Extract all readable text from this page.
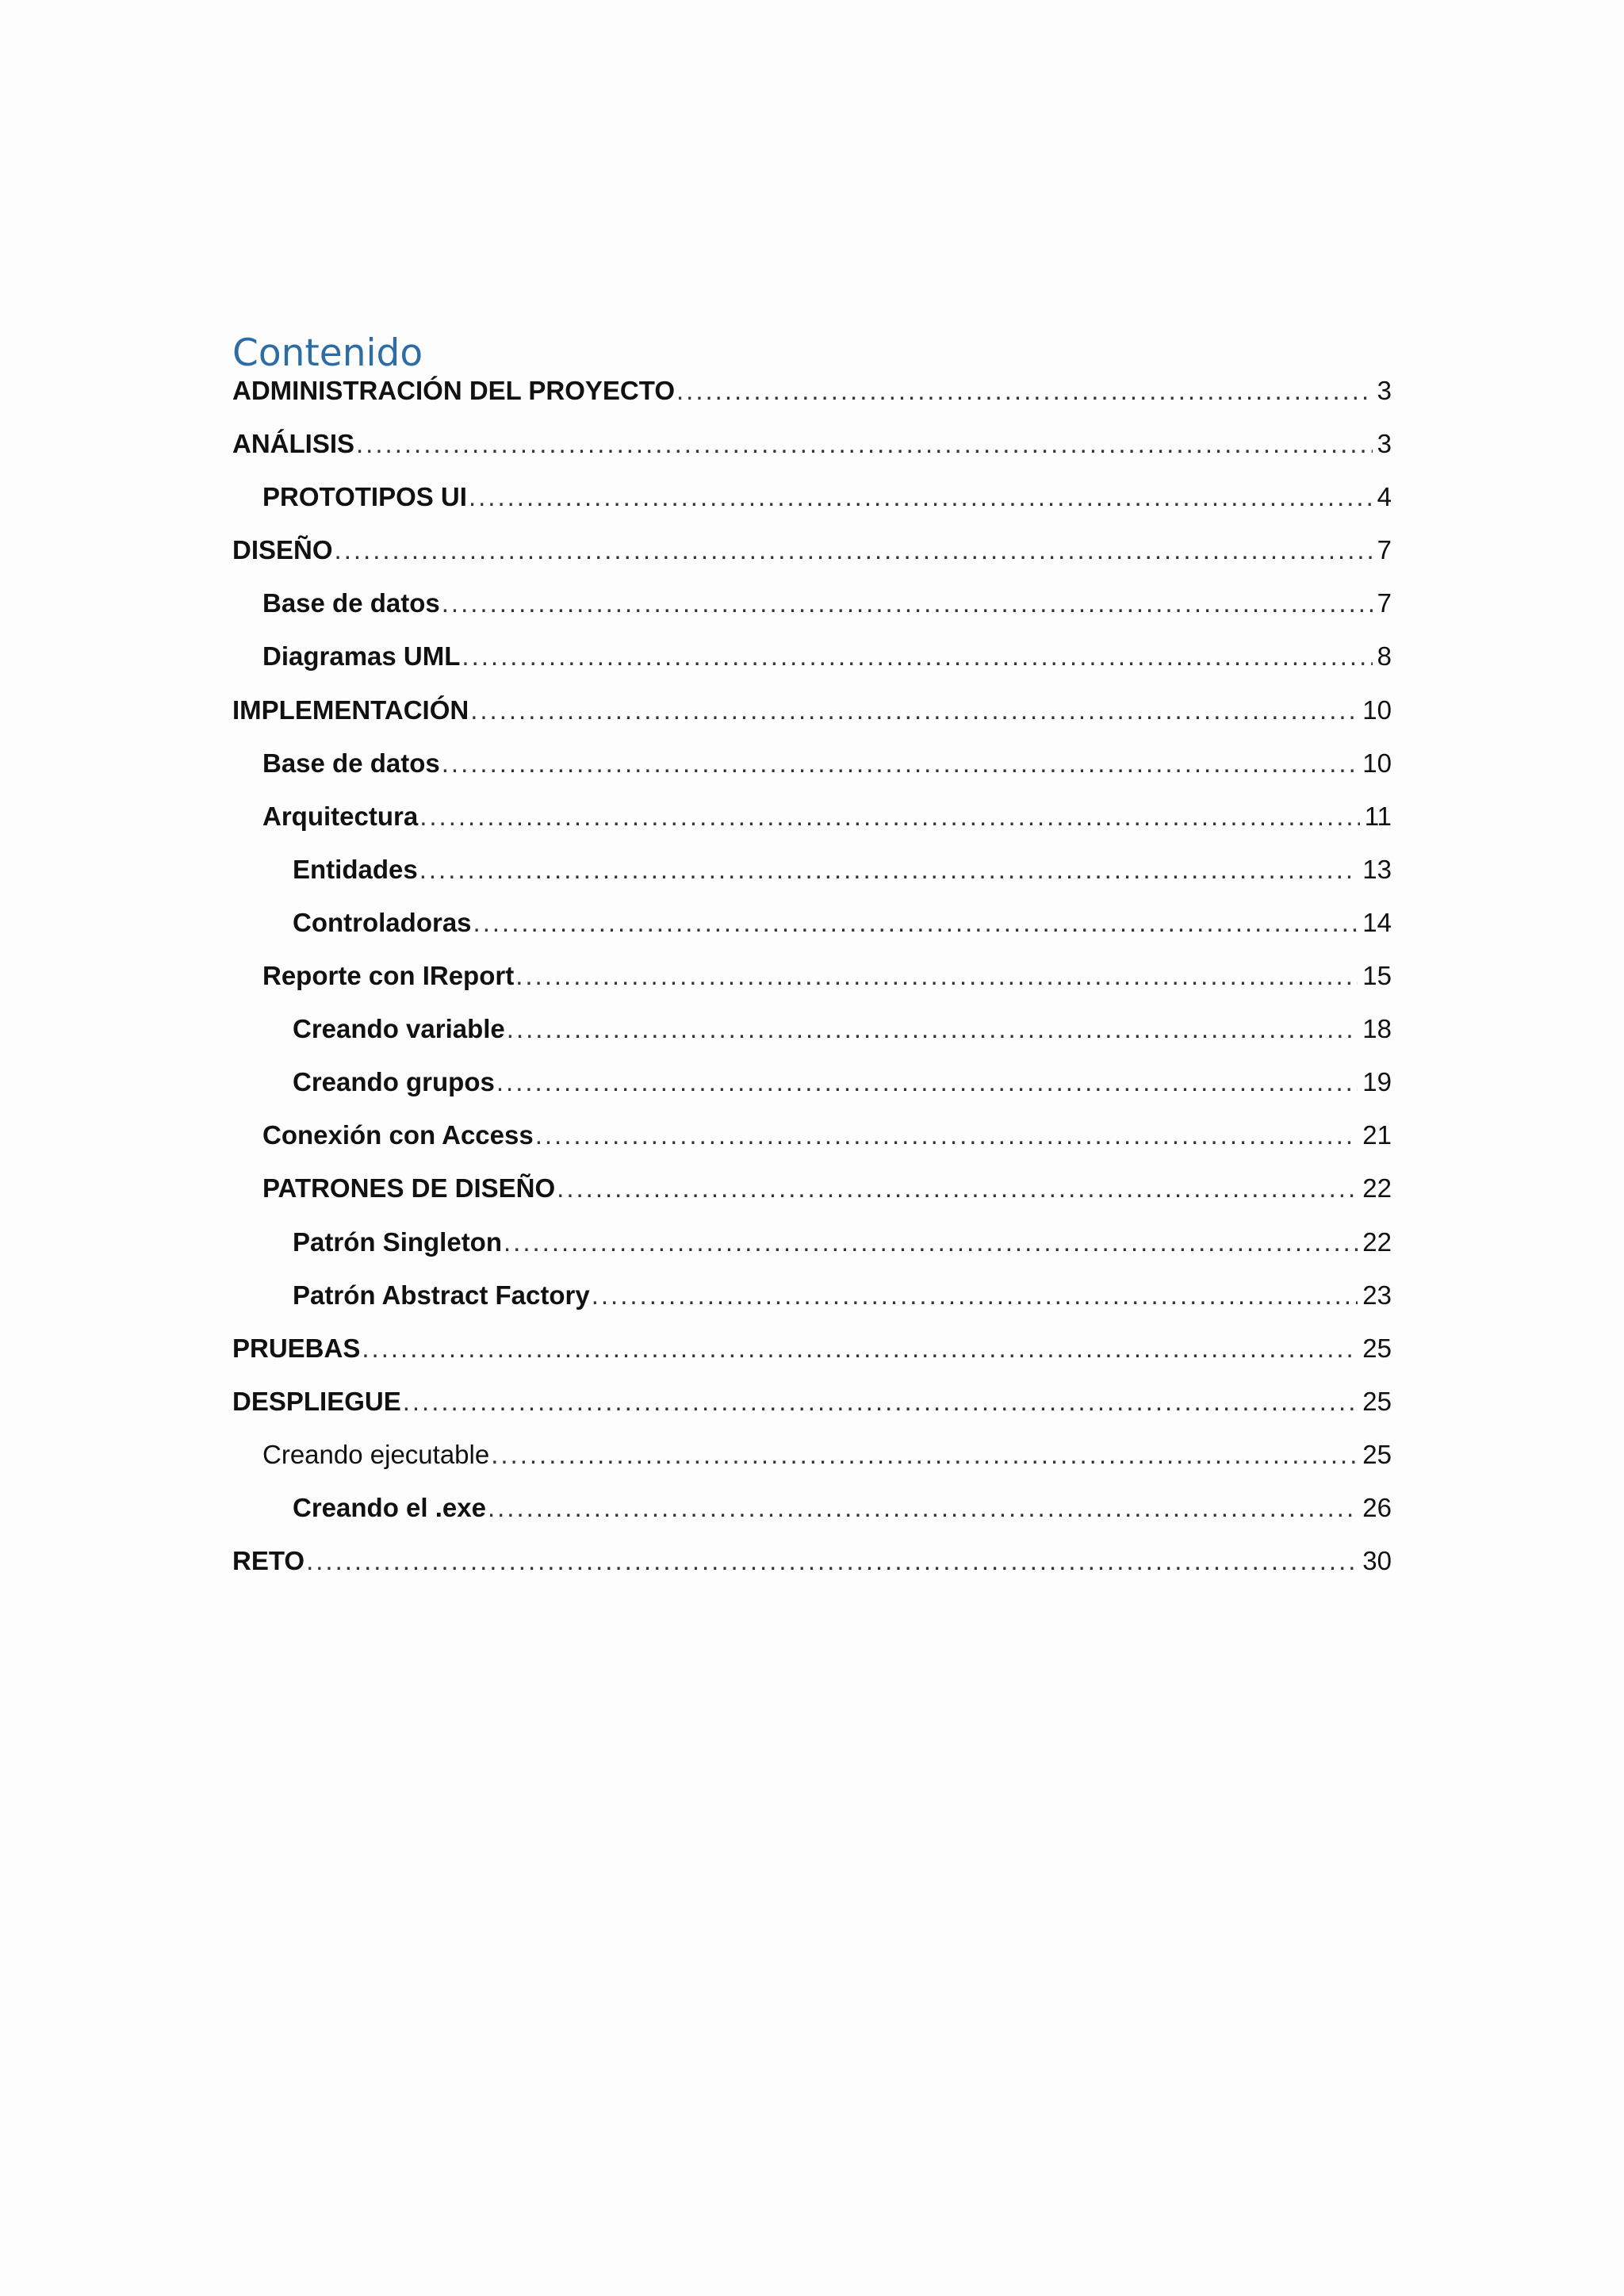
Contenido
ADMINISTRACIÓN DEL PROYECTO .....	3
ANÁLISIS .....	3
PROTOTIPOS UI .....	4
DISEÑO .....	7
Base de datos .....	7
Diagramas UML .....	8
IMPLEMENTACIÓN .....	10
Base de datos .....	10
Arquitectura .....	11
Entidades .....	13
Controladoras .....	14
Reporte con IReport .....	15
Creando variable .....	18
Creando grupos .....	19
Conexión con Access .....	21
PATRONES DE DISEÑO .....	22
Patrón Singleton .....	22
Patrón Abstract Factory .....	23
PRUEBAS .....	25
DESPLIEGUE .....	25
Creando ejecutable .....	25
Creando el .exe .....	26
RETO .....	30
